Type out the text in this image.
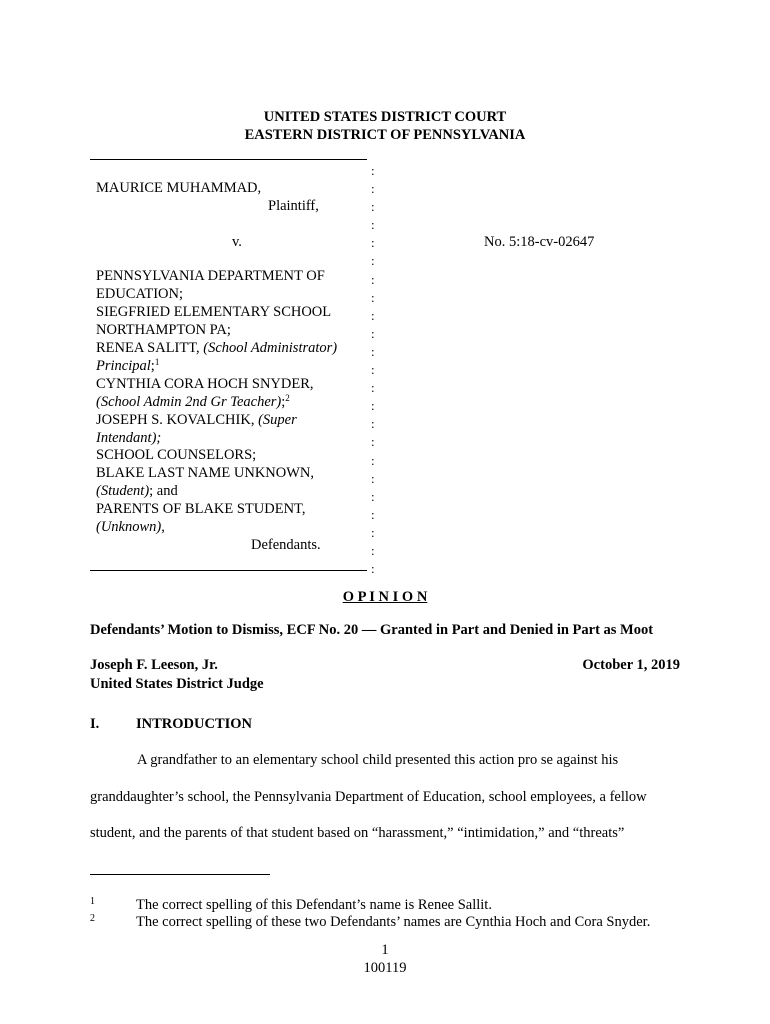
UNITED STATES DISTRICT COURT
EASTERN DISTRICT OF PENNSYLVANIA
:
:
:
:
:
:
:
:
:
:
:
:
:
:
:
:
:
:
:
:
:
:
:
MAURICE MUHAMMAD,
Plaintiff,
v.	No. 5:18-cv-02647
PENNSYLVANIA DEPARTMENT OF
EDUCATION;
SIEGFRIED ELEMENTARY SCHOOL
NORTHAMPTON PA;
RENEA SALITT, (School Administrator)
Principal;$^1$
CYNTHIA CORA HOCH SNYDER,
(School Admin 2nd Gr Teacher);$^2$
JOSEPH S. KOVALCHIK, (Super
Intendant);
SCHOOL COUNSELORS;
BLAKE LAST NAME UNKNOWN,
(Student); and
PARENTS OF BLAKE STUDENT,
(Unknown),
Defendants.
O P I N I O N
Defendants’ Motion to Dismiss, ECF No. 20 — Granted in Part and Denied in Part as Moot
Joseph F. Leeson, Jr.
United States District Judge
October 1, 2019
I.	INTRODUCTION
A grandfather to an elementary school child presented this action pro se against his
granddaughter’s school, the Pennsylvania Department of Education, school employees, a fellow
student, and the parents of that student based on “harassment,” “intimidation,” and “threats”
1	The correct spelling of this Defendant’s name is Renee Sallit.
2	The correct spelling of these two Defendants’ names are Cynthia Hoch and Cora Snyder.
1
100119
